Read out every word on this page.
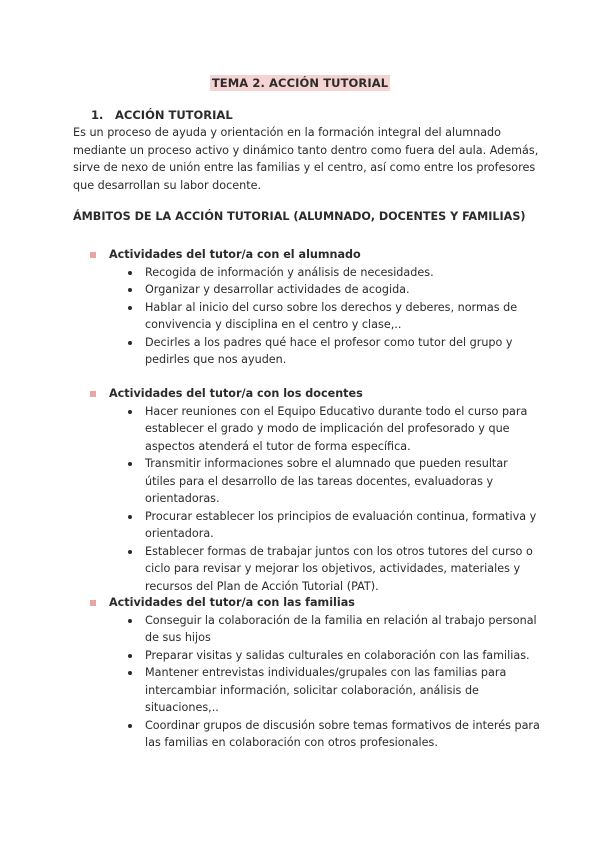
TEMA 2. ACCIÓN TUTORIAL
1. ACCIÓN TUTORIAL
Es un proceso de ayuda y orientación en la formación integral del alumnado mediante un proceso activo y dinámico tanto dentro como fuera del aula. Además, sirve de nexo de unión entre las familias y el centro, así como entre los profesores que desarrollan su labor docente.
ÁMBITOS DE LA ACCIÓN TUTORIAL (ALUMNADO, DOCENTES Y FAMILIAS)
Actividades del tutor/a con el alumnado
Recogida de información y análisis de necesidades.
Organizar y desarrollar actividades de acogida.
Hablar al inicio del curso sobre los derechos y deberes, normas de convivencia y disciplina en el centro y clase,..
Decirles a los padres qué hace el profesor como tutor del grupo y pedirles que nos ayuden.
Actividades del tutor/a con los docentes
Hacer reuniones con el Equipo Educativo durante todo el curso para establecer el grado y modo de implicación del profesorado y que aspectos atenderá el tutor de forma específica.
Transmitir informaciones sobre el alumnado que pueden resultar útiles para el desarrollo de las tareas docentes, evaluadoras y orientadoras.
Procurar establecer los principios de evaluación continua, formativa y orientadora.
Establecer formas de trabajar juntos con los otros tutores del curso o ciclo para revisar y mejorar los objetivos, actividades, materiales y recursos del Plan de Acción Tutorial (PAT).
Actividades del tutor/a con las familias
Conseguir la colaboración de la familia en relación al trabajo personal de sus hijos
Preparar visitas y salidas culturales en colaboración con las familias.
Mantener entrevistas individuales/grupales con las familias para intercambiar información, solicitar colaboración, análisis de situaciones,..
Coordinar grupos de discusión sobre temas formativos de interés para las familias en colaboración con otros profesionales.
